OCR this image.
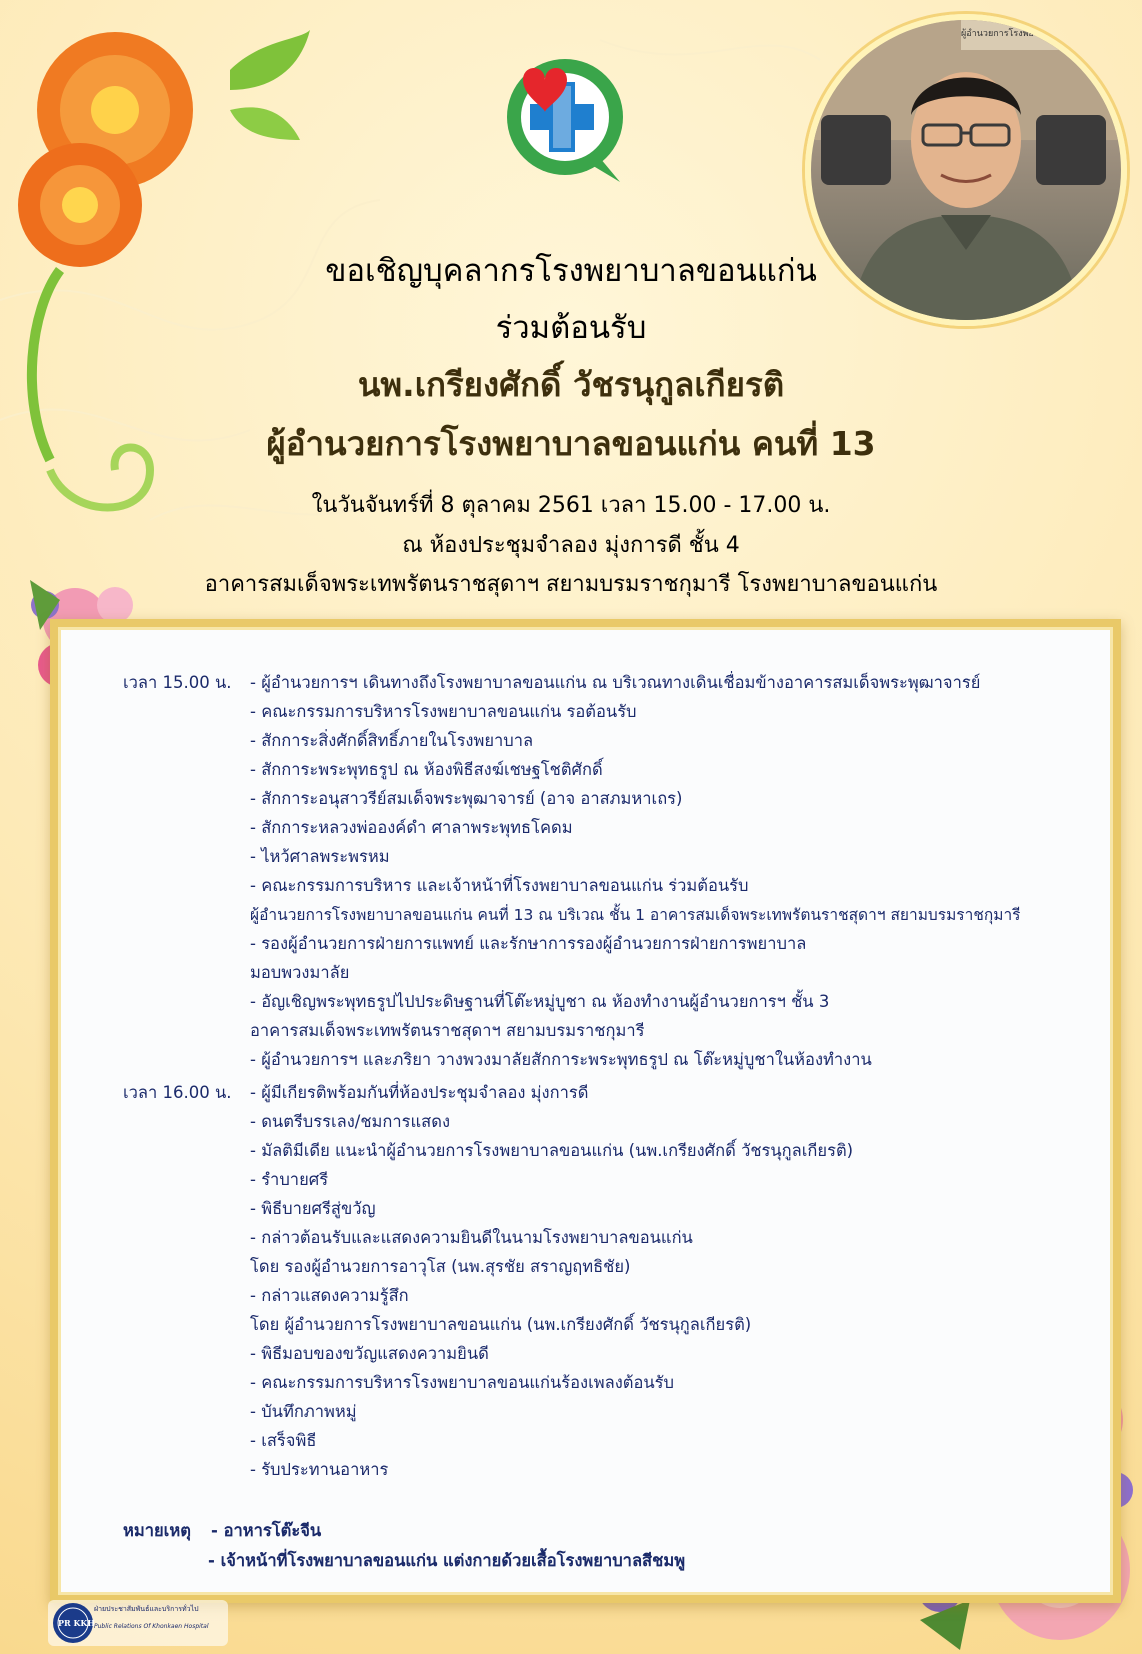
ผู้อำนวยการโรงพยาบาลขอนแก่น
ขอเชิญบุคลากรโรงพยาบาลขอนแก่น
ร่วมต้อนรับ
นพ.เกรียงศักดิ์ วัชรนุกูลเกียรติ
ผู้อำนวยการโรงพยาบาลขอนแก่น คนที่ 13
ในวันจันทร์ที่ 8 ตุลาคม 2561 เวลา 15.00 - 17.00 น.
ณ ห้องประชุมจำลอง มุ่งการดี ชั้น 4
อาคารสมเด็จพระเทพรัตนราชสุดาฯ สยามบรมราชกุมารี โรงพยาบาลขอนแก่น
เวลา 15.00 น.
เวลา 16.00 น.
- ผู้อำนวยการฯ เดินทางถึงโรงพยาบาลขอนแก่น ณ บริเวณทางเดินเชื่อมข้างอาคารสมเด็จพระพุฒาจารย์
- คณะกรรมการบริหารโรงพยาบาลขอนแก่น รอต้อนรับ
- สักการะสิ่งศักดิ์สิทธิ์ภายในโรงพยาบาล
- สักการะพระพุทธรูป ณ ห้องพิธีสงฆ์เชษฐโชติศักดิ์
- สักการะอนุสาวรีย์สมเด็จพระพุฒาจารย์ (อาจ อาสภมหาเถร)
- สักการะหลวงพ่อองค์ดำ ศาลาพระพุทธโคดม
- ไหว้ศาลพระพรหม
- คณะกรรมการบริหาร และเจ้าหน้าที่โรงพยาบาลขอนแก่น ร่วมต้อนรับ
ผู้อำนวยการโรงพยาบาลขอนแก่น คนที่ 13 ณ บริเวณ ชั้น 1 อาคารสมเด็จพระเทพรัตนราชสุดาฯ สยามบรมราชกุมารี
- รองผู้อำนวยการฝ่ายการแพทย์ และรักษาการรองผู้อำนวยการฝ่ายการพยาบาล
มอบพวงมาลัย
- อัญเชิญพระพุทธรูปไปประดิษฐานที่โต๊ะหมู่บูชา ณ ห้องทำงานผู้อำนวยการฯ ชั้น 3
อาคารสมเด็จพระเทพรัตนราชสุดาฯ สยามบรมราชกุมารี
- ผู้อำนวยการฯ และภริยา วางพวงมาลัยสักการะพระพุทธรูป ณ โต๊ะหมู่บูชาในห้องทำงาน
- ผู้มีเกียรติพร้อมกันที่ห้องประชุมจำลอง มุ่งการดี
- ดนตรีบรรเลง/ชมการแสดง
- มัลติมีเดีย แนะนำผู้อำนวยการโรงพยาบาลขอนแก่น (นพ.เกรียงศักดิ์ วัชรนุกูลเกียรติ)
- รำบายศรี
- พิธีบายศรีสู่ขวัญ
- กล่าวต้อนรับและแสดงความยินดีในนามโรงพยาบาลขอนแก่น
โดย รองผู้อำนวยการอาวุโส (นพ.สุรชัย สราญฤทธิชัย)
- กล่าวแสดงความรู้สึก
โดย ผู้อำนวยการโรงพยาบาลขอนแก่น (นพ.เกรียงศักดิ์ วัชรนุกูลเกียรติ)
- พิธีมอบของขวัญแสดงความยินดี
- คณะกรรมการบริหารโรงพยาบาลขอนแก่นร้องเพลงต้อนรับ
- บันทึกภาพหมู่
- เสร็จพิธี
- รับประทานอาหาร
หมายเหตุ - อาหารโต๊ะจีน
- เจ้าหน้าที่โรงพยาบาลขอนแก่น แต่งกายด้วยเสื้อโรงพยาบาลสีชมพู
PR KKH
ฝ่ายประชาสัมพันธ์และบริการทั่วไป
Public Relations Of Khonkaen Hospital
